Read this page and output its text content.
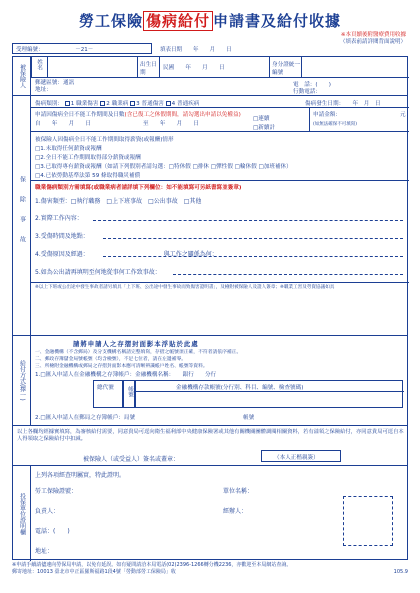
勞工保險 傷病給付 申請書及給付收據
※本頁續後附醫療費用收據
（填表前請詳閱背面說明）
受理編號：	－21－	填表日期　　 年　　 月　　 日
被保險人	姓名	出生日期
民國　　年　　月　　日	身分證統一編號
郵遞區號：通訊地址：
電　話：(　　)
行動電話：
保除事故
傷病類別： 1 職業傷害 2 職業病 3 普通傷害 4 普通疾病	傷病發生日期：　　年　月　日
申請因傷病全日不能工作期間及日數(含已復工之休假期間，請勾選出申請以免權益)
自　　年　　月　　日	至　　年　　月　　日
□連續
□新續計
申請金額：	元
(如無法確保不可填寫)
被保險人因傷病全日不能工作期間取得薪資(或報酬)情形
□1.未取得任何薪資或報酬
□2.全日不能工作期間取得部分薪資或報酬
□3.已取得專有薪資或報酬（如請下列假別者請勾選：□特休假 □排休 □彈性假 □輪休假 □加班補休）
□4.已依勞動基準法第 59 條取得職災補償
職業傷病類別方需填寫(或職業病者請詳填下列欄位：如不能填寫可另紙書寫並簽章)
1.傷害類型：□執行職務　□上下班事故　□公出事故　□其他
2.實際工作內容：
3.受傷時間及地點：
4.受傷原因及經過：　　　　　　　　　　　　　與工作之關係為何：
5.如為公出請再填明至何地從事何工作致事故：
※以上下班或公出途中發生事故者請另填具「上下班、公出途中發生事故而致傷害證明書」，及檢附被保險人及證人簽章；※職業工害及勞資協議如具
給付方式(擇一)
請將申請人之存摺封面影本浮貼於此處
一、金融機構（不含郵局）及分支機構名稱請完整填寫，存摺之帳號須正確，不符者請依序補正。
二、郵政存簿儲金局號帳號（均含檢號），不足七位者，請在左邊補零。
三、所檢附金融機構或郵局之存摺封面影本應可清晰辨識帳戶姓名、帳號等資料。
1.□匯入申請人在金融機構之存簿帳戶：金融機構名稱：　　銀行　　分行
總代號 帳號	金融機構存款帳號(分行別、科目、編號、檢查號碼)
2.□匯入申請人在郵局之存簿帳戶：局號	帳號
以上各欄均經據實填寫，為審核給付需要，同意貴局可逕向衛生福利部中央健康保險署或其他有關機關團體調閱相關資料，若有溢領之保險給付，亦同意貴局可逕自本人得領取之保險給付中扣減。
被保險人（或受益人）簽名或蓋章：	（本人正楷親簽）
投保單位證明欄
上列各項經查明屬實，特此證明。
勞工保險證號：	單位名稱：
負責人：	經辦人：
電話：(　　)
地址：
※申請手續請儘速向勞保局申請，以免有延誤。如有疑問請洽本局電話(02)2396-1266轉分機2236，亦歡迎至本局網站查詢。
郵寄地址：10013 臺北市中正區羅斯福路1段4號「勞動部勞工保險局」收	105.9
